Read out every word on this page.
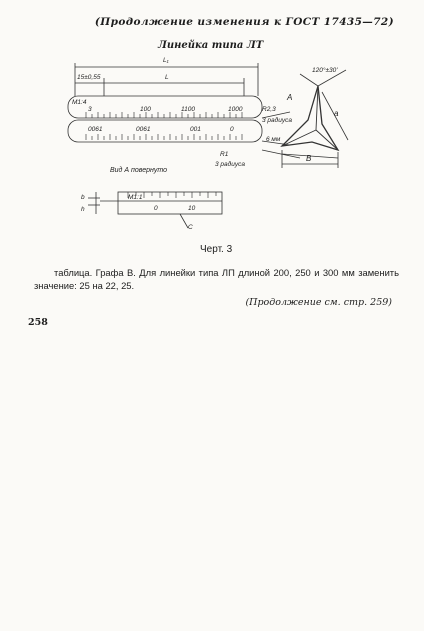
(Продолжение изменения к ГОСТ 17435—72)
Линейка типа ЛТ
L₁
L
15±0,55
М1:4
3	100	1100	1000
0061	0061	001	0
R2,3
3 радиуса
6 мм
R1
3 радиуса
120°±30'
A
a
B
Вид А повернуто
М1:1
0	10
C
b
h
Черт. 3
таблица. Графа В. Для линейки типа ЛП длиной 200, 250 и 300 мм заменить значение: 25 на 22, 25.
(Продолжение см. стр. 259)
258
